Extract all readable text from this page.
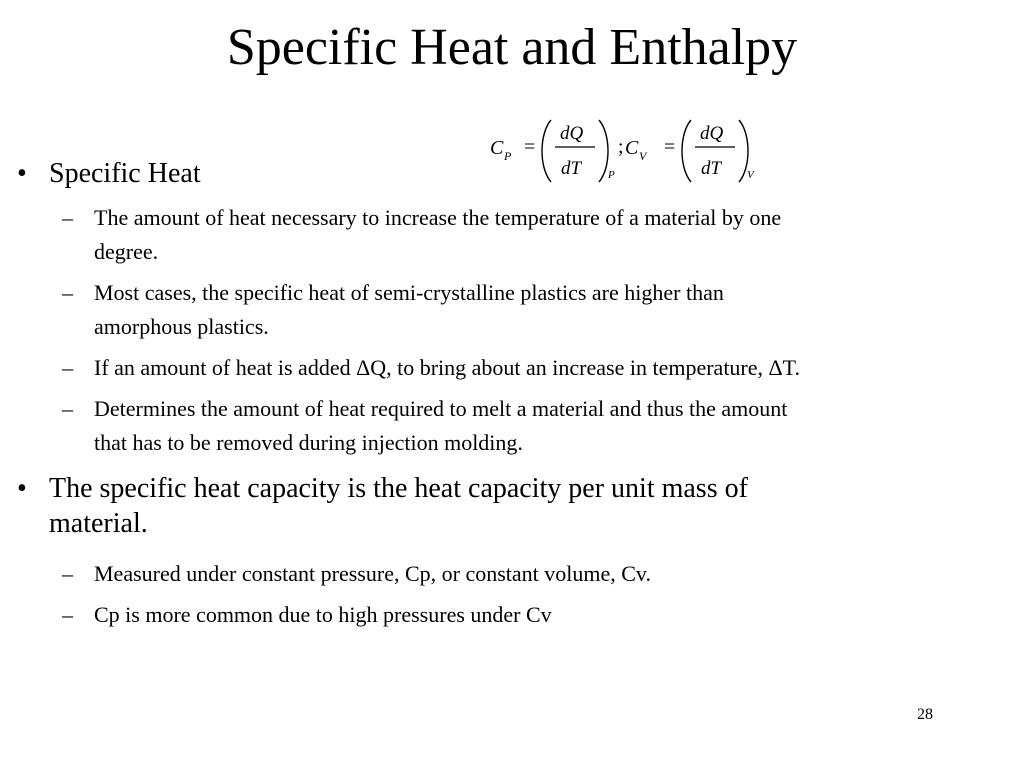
Specific Heat and Enthalpy
C P =
dQ
dT P
; C V =
dQ
dT V
• Specific Heat
– The amount of heat necessary to increase the temperature of a material by one
degree.
– Most cases, the specific heat of semi-crystalline plastics are higher than
amorphous plastics.
– If an amount of heat is added ΔQ, to bring about an increase in temperature, ΔT.
– Determines the amount of heat required to melt a material and thus the amount
that has to be removed during injection molding.
• The specific heat capacity is the heat capacity per unit mass of
material.
– Measured under constant pressure, Cp, or constant volume, Cv.
– Cp is more common due to high pressures under Cv
28
